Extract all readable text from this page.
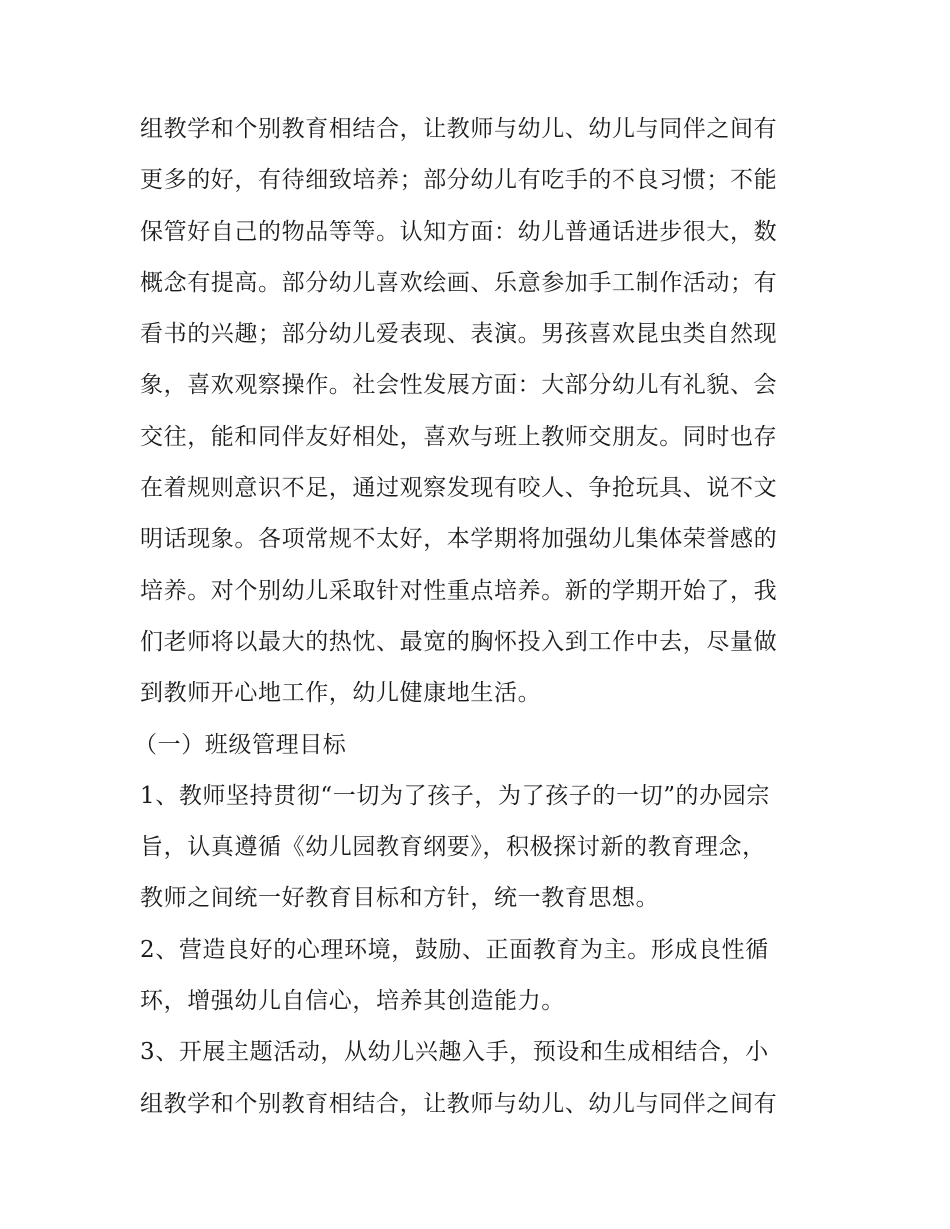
组教学和个别教育相结合，让教师与幼儿、幼儿与同伴之间有
更多的好，有待细致培养；部分幼儿有吃手的不良习惯；不能
保管好自己的物品等等。认知方面：幼儿普通话进步很大，数
概念有提高。部分幼儿喜欢绘画、乐意参加手工制作活动；有
看书的兴趣；部分幼儿爱表现、表演。男孩喜欢昆虫类自然现
象，喜欢观察操作。社会性发展方面：大部分幼儿有礼貌、会
交往，能和同伴友好相处，喜欢与班上教师交朋友。同时也存
在着规则意识不足，通过观察发现有咬人、争抢玩具、说不文
明话现象。各项常规不太好，本学期将加强幼儿集体荣誉感的
培养。对个别幼儿采取针对性重点培养。新的学期开始了，我
们老师将以最大的热忱、最宽的胸怀投入到工作中去，尽量做
到教师开心地工作，幼儿健康地生活。
（一）班级管理目标
1、教师坚持贯彻“一切为了孩子，为了孩子的一切”的办园宗
旨，认真遵循《幼儿园教育纲要》，积极探讨新的教育理念，
教师之间统一好教育目标和方针，统一教育思想。
2、营造良好的心理环境，鼓励、正面教育为主。形成良性循
环，增强幼儿自信心，培养其创造能力。
3、开展主题活动，从幼儿兴趣入手，预设和生成相结合，小
组教学和个别教育相结合，让教师与幼儿、幼儿与同伴之间有
